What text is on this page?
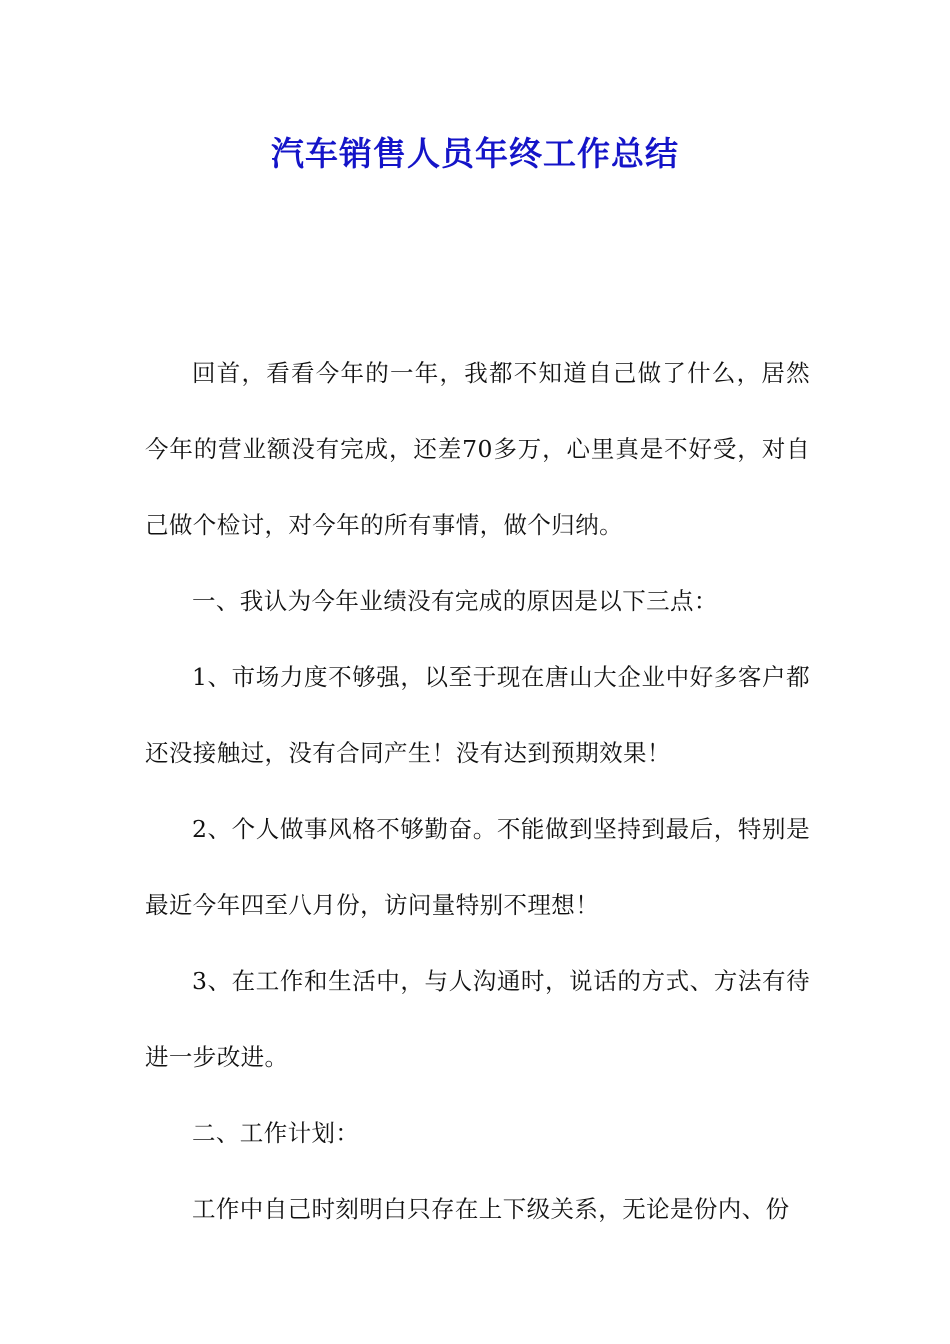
汽车销售人员年终工作总结

回首，看看今年的一年，我都不知道自己做了什么，居然今年的营业额没有完成，还差70多万，心里真是不好受，对自己做个检讨，对今年的所有事情，做个归纳。

一、我认为今年业绩没有完成的原因是以下三点：

1、市场力度不够强，以至于现在唐山大企业中好多客户都还没接触过，没有合同产生！没有达到预期效果！

2、个人做事风格不够勤奋。不能做到坚持到最后，特别是最近今年四至八月份，访问量特别不理想！

3、在工作和生活中，与人沟通时，说话的方式、方法有待进一步改进。

二、工作计划：

工作中自己时刻明白只存在上下级关系，无论是份内、份
